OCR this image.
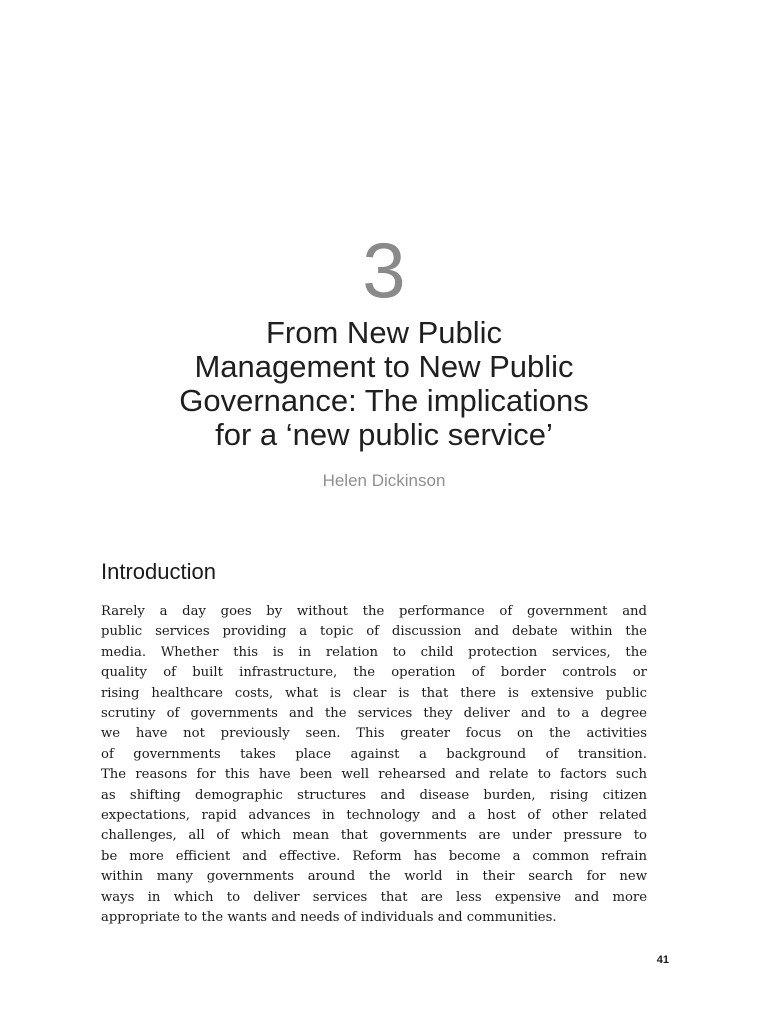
3
From New Public
Management to New Public
Governance: The implications
for a ‘new public service’
Helen Dickinson
Introduction
Rarely a day goes by without the performance of government and
public services providing a topic of discussion and debate within the
media. Whether this is in relation to child protection services, the
quality of built infrastructure, the operation of border controls or
rising healthcare costs, what is clear is that there is extensive public
scrutiny of governments and the services they deliver and to a degree
we have not previously seen. This greater focus on the activities
of governments takes place against a background of transition.
The reasons for this have been well rehearsed and relate to factors such
as shifting demographic structures and disease burden, rising citizen
expectations, rapid advances in technology and a host of other related
challenges, all of which mean that governments are under pressure to
be more efficient and effective. Reform has become a common refrain
within many governments around the world in their search for new
ways in which to deliver services that are less expensive and more
appropriate to the wants and needs of individuals and communities.
41
